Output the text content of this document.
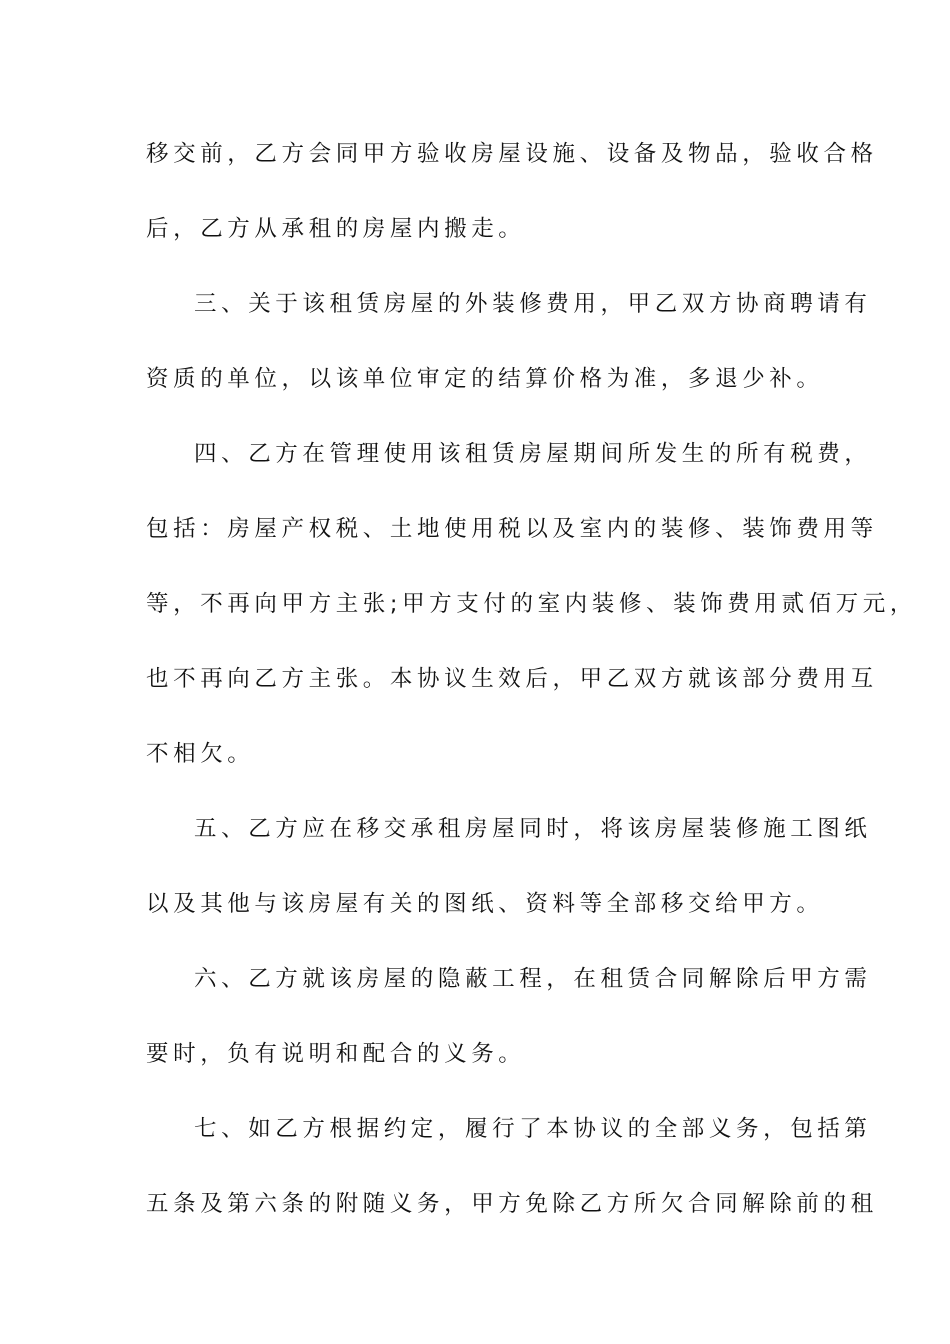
移交前，乙方会同甲方验收房屋设施、设备及物品，验收合格
后，乙方从承租的房屋内搬走。
三、关于该租赁房屋的外装修费用，甲乙双方协商聘请有
资质的单位，以该单位审定的结算价格为准，多退少补。
四、乙方在管理使用该租赁房屋期间所发生的所有税费，
包括：房屋产权税、土地使用税以及室内的装修、装饰费用等
等，不再向甲方主张;甲方支付的室内装修、装饰费用贰佰万元，
也不再向乙方主张。本协议生效后，甲乙双方就该部分费用互
不相欠。
五、乙方应在移交承租房屋同时，将该房屋装修施工图纸
以及其他与该房屋有关的图纸、资料等全部移交给甲方。
六、乙方就该房屋的隐蔽工程，在租赁合同解除后甲方需
要时，负有说明和配合的义务。
七、如乙方根据约定，履行了本协议的全部义务，包括第
五条及第六条的附随义务，甲方免除乙方所欠合同解除前的租
